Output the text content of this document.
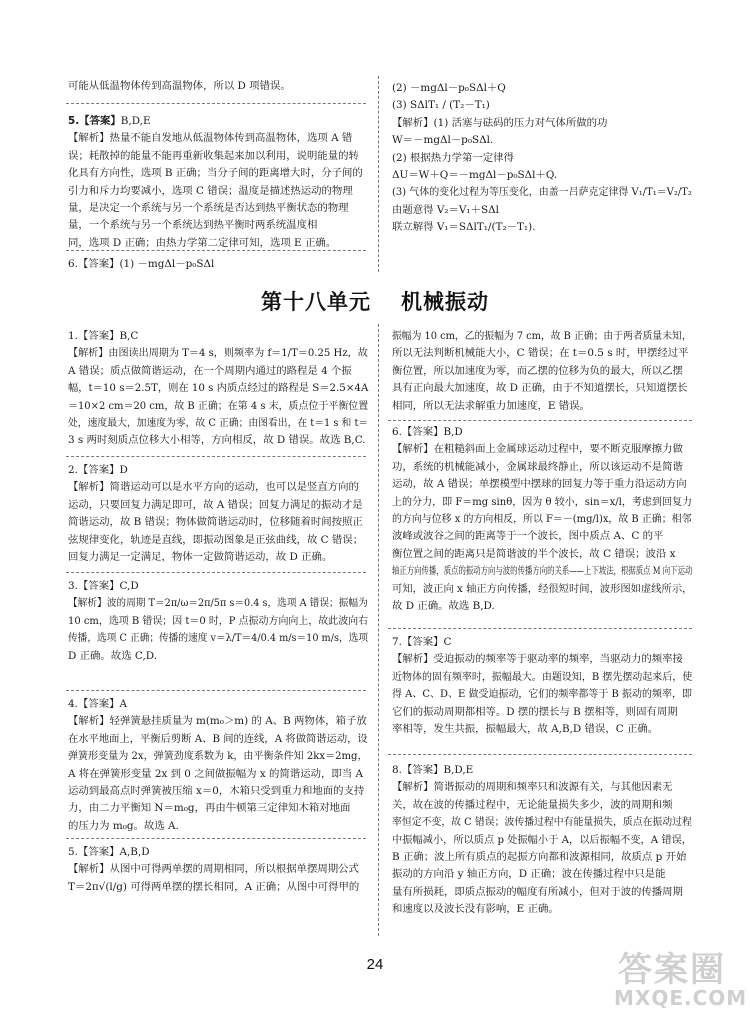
可能从低温物体传到高温物体，所以 D 项错误。

5.【答案】B,D,E

【解析】热量不能自发地从低温物体传到高温物体，选项 A 错

误；耗散掉的能量不能再重新收集起来加以利用，说明能量的转

化具有方向性，选项 B 正确；当分子间的距离增大时，分子间的

引力和斥力均要减小，选项 C 错误；温度是描述热运动的物理

量，是决定一个系统与另一个系统是否达到热平衡状态的物理

量，一个系统与另一个系统达到热平衡时两系统温度相

同，选项 D 正确；由热力学第二定律可知，选项 E 正确。

6.【答案】(1) －mgΔl－p₀SΔl

(2) －mgΔl－p₀SΔl＋Q

(3) SΔlT₁ / (T₂－T₁)

【解析】(1) 活塞与砝码的压力对气体所做的功

W＝－mgΔl－p₀SΔl.

(2) 根据热力学第一定律得

ΔU＝W＋Q＝－mgΔl－p₀SΔl＋Q.

(3) 气体的变化过程为等压变化，由盖一吕萨克定律得 V₁/T₁＝V₂/T₂

由题意得 V₂＝V₁＋SΔl

联立解得 V₁＝SΔlT₁/(T₂－T₁).

第十八单元 机械振动

1.【答案】B,C

【解析】由图读出周期为 T＝4 s，则频率为 f＝1/T＝0.25 Hz，故

A 错误；质点做简谐运动，在一个周期内通过的路程是 4 个振

幅，t＝10 s＝2.5T，则在 10 s 内质点经过的路程是 S＝2.5×4A

＝10×2 cm＝20 cm，故 B 正确；在第 4 s 末，质点位于平衡位置

处，速度最大，加速度为零，故 C 正确；由图看出，在 t＝1 s 和 t＝

3 s 两时刻质点位移大小相等，方向相反，故 D 错误。故选 B,C.

2.【答案】D

【解析】简谐运动可以是水平方向的运动，也可以是竖直方向的

运动，只要回复力满足即可，故 A 错误；回复力满足的振动才是

简谐运动，故 B 错误；物体做简谐运动时，位移随着时间按照正

弦规律变化，轨迹是直线，即振动图象是正弦曲线，故 C 错误；

回复力满足一定满足，物体一定做简谐运动，故 D 正确。

3.【答案】C,D

【解析】波的周期 T＝2π/ω＝2π/5π s＝0.4 s，选项 A 错误；振幅为

10 cm，选项 B 错误；因 t＝0 时，P 点振动方向向上，故此波向右

传播，选项 C 正确；传播的速度 v＝λ/T＝4/0.4 m/s＝10 m/s，选项

D 正确。故选 C,D.

4.【答案】A

【解析】轻弹簧悬挂质量为 m(m₀＞m) 的 A、B 两物体，箱子放

在水平地面上，平衡后剪断 A、B 间的连线，A 将做简谐运动，设

弹簧形变量为 2x，弹簧劲度系数为 k，由平衡条件知 2kx＝2mg，

A 将在弹簧形变量 2x 到 0 之间做振幅为 x 的简谐运动，即当 A

运动到最高点时弹簧被压缩 x＝0，木箱只受到重力和地面的支持

力，由二力平衡知 N＝m₀g，再由牛顿第三定律知木箱对地面

的压力为 m₀g。故选 A.

5.【答案】A,B,D

【解析】从图中可得两单摆的周期相同，所以根据单摆周期公式

T＝2π√(l/g) 可得两单摆的摆长相同，A 正确；从图中可得甲的

振幅为 10 cm，乙的振幅为 7 cm，故 B 正确；由于两者质量未知，

所以无法判断机械能大小，C 错误；在 t＝0.5 s 时，甲摆经过平

衡位置，所以加速度为零，而乙摆的位移为负的最大，所以乙摆

具有正向最大加速度，故 D 正确，由于不知道摆长，只知道摆长

相同，所以无法求解重力加速度，E 错误。

6.【答案】B,D

【解析】在粗糙斜面上金属球运动过程中，要不断克服摩擦力做

功，系统的机械能减小，金属球最终静止，所以该运动不是简谐

运动，故 A 错误；单摆模型中摆球的回复力等于重力沿运动方向

上的分力，即 F＝mg sinθ，因为 θ 较小，sin＝x/l，考虑到回复力

的方向与位移 x 的方向相反，所以 F＝－(mg/l)x，故 B 正确；相邻

波峰或波谷之间的距离等于一个波长，图中质点 A、C 的平

衡位置之间的距离只是简谐波的半个波长，故 C 错误；波沿 x

轴正方向传播，质点的振动方向与波的传播方向的关系——上下坡法，根据质点 M 向下运动

可知，波正向 x 轴正方向传播，经很短时间，波形图如虚线所示，

故 D 正确。故选 B,D.

7.【答案】C

【解析】受迫振动的频率等于驱动率的频率，当驱动力的频率接

近物体的固有频率时，振幅最大。由题设知，B 摆先摆动起来后，使

得 A、C、D、E 做受迫振动，它们的频率都等于 B 振动的频率，即

它们的振动周期都相等。D 摆的摆长与 B 摆相等，则固有周期

率相等，发生共振，振幅最大，故 A,B,D 错误，C 正确。

8.【答案】B,D,E

【解析】简谐振动的周期和频率只和波源有关，与其他因素无

关，故在波的传播过程中，无论能量损失多少，波的周期和频

率恒定不变，故 C 错误；波传播过程中有能量损失，质点在振动过程

中振幅减小，所以质点 p 处振幅小于 A，以后振幅不变，A 错误，

B 正确；波上所有质点的起振方向都和波源相同，故质点 p 开始

振动的方向沿 y 轴正方向，D 正确；波在传播过程中只是能

量有所损耗，即质点振动的幅度有所减小，但对于波的传播周期

和速度以及波长没有影响，E 正确。

24	答案圈
MXQE.COM
